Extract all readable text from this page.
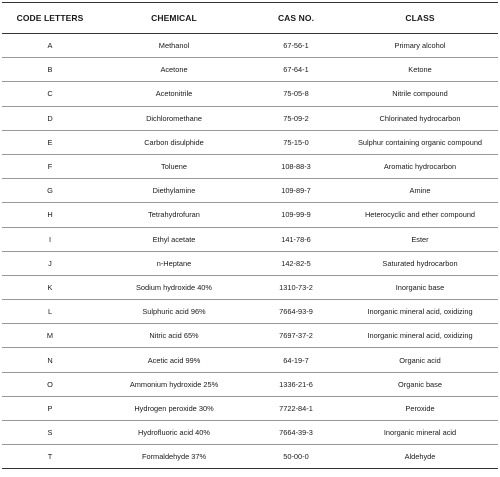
CODE LETTERS	CHEMICAL	CAS NO.	CLASS
A	Methanol	67-56-1	Primary alcohol
B	Acetone	67-64-1	Ketone
C	Acetonitrile	75-05-8	Nitrile compound
D	Dichloromethane	75-09-2	Chlorinated hydrocarbon
E	Carbon disulphide	75-15-0	Sulphur containing organic compound
F	Toluene	108-88-3	Aromatic hydrocarbon
G	Diethylamine	109-89-7	Amine
H	Tetrahydrofuran	109-99-9	Heterocyclic and ether compound
I	Ethyl acetate	141-78-6	Ester
J	n-Heptane	142-82-5	Saturated hydrocarbon
K	Sodium hydroxide 40%	1310-73-2	Inorganic base
L	Sulphuric acid 96%	7664-93-9	Inorganic mineral acid, oxidizing
M	Nitric acid 65%	7697-37-2	Inorganic mineral acid, oxidizing
N	Acetic acid 99%	64-19-7	Organic acid
O	Ammonium hydroxide 25%	1336-21-6	Organic base
P	Hydrogen peroxide 30%	7722-84-1	Peroxide
S	Hydrofluoric acid 40%	7664-39-3	Inorganic mineral acid
T	Formaldehyde 37%	50-00-0	Aldehyde
